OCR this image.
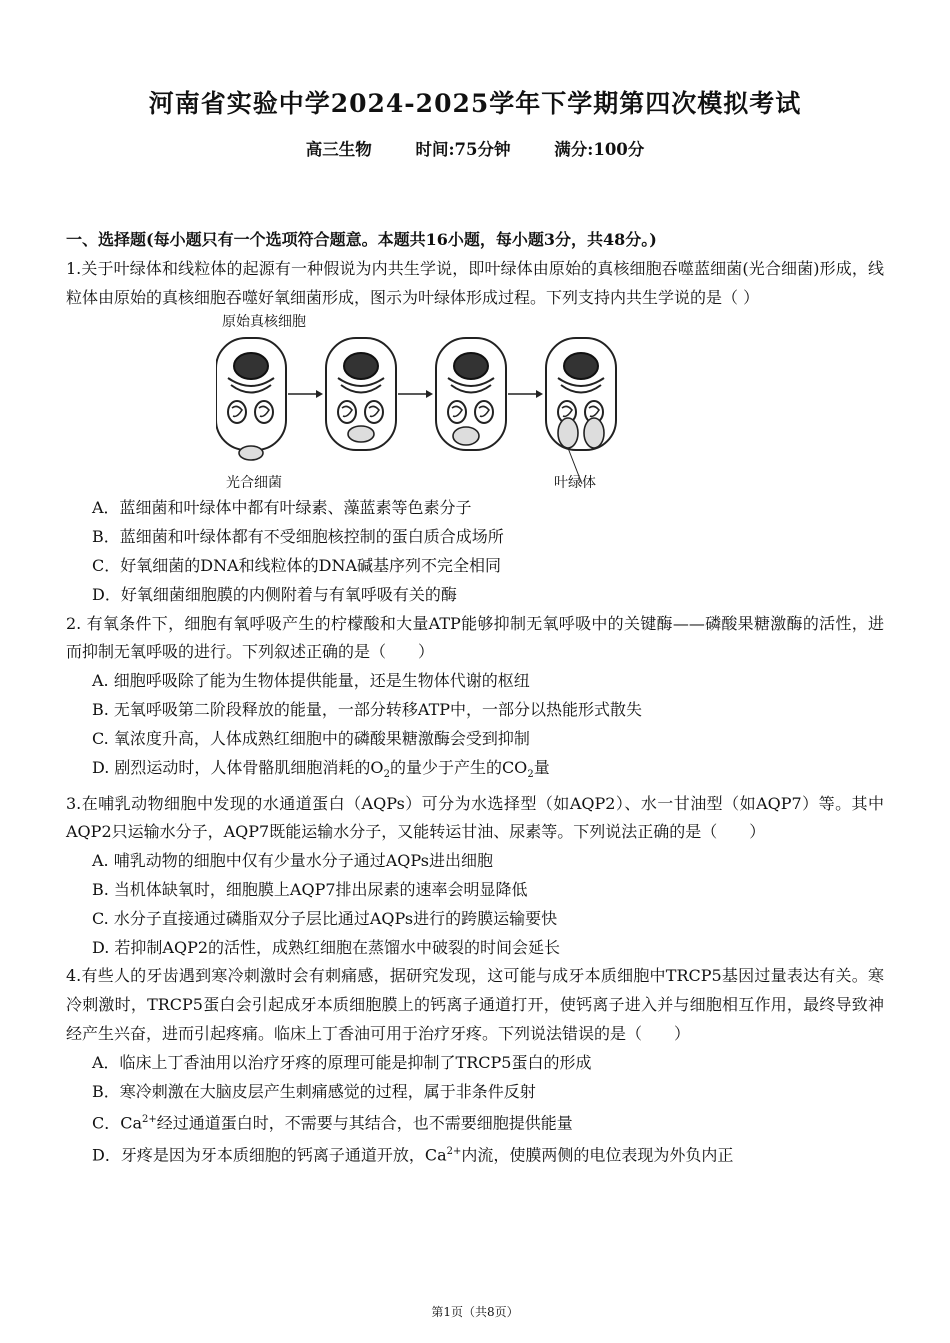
河南省实验中学2024-2025学年下学期第四次模拟考试
高三生物	时间:75分钟	满分:100分
一、选择题(每小题只有一个选项符合题意。本题共16小题，每小题3分，共48分。)

1.关于叶绿体和线粒体的起源有一种假说为内共生学说，即叶绿体由原始的真核细胞吞噬蓝细菌(光合细菌)形成，线粒体由原始的真核细胞吞噬好氧细菌形成，图示为叶绿体形成过程。下列支持内共生学说的是（ ）

原始真核细胞
光合细菌	叶绿体

A．蓝细菌和叶绿体中都有叶绿素、藻蓝素等色素分子

B．蓝细菌和叶绿体都有不受细胞核控制的蛋白质合成场所

C．好氧细菌的DNA和线粒体的DNA碱基序列不完全相同

D．好氧细菌细胞膜的内侧附着与有氧呼吸有关的酶

2. 有氧条件下，细胞有氧呼吸产生的柠檬酸和大量ATP能够抑制无氧呼吸中的关键酶——磷酸果糖激酶的活性，进而抑制无氧呼吸的进行。下列叙述正确的是（　　）

A. 细胞呼吸除了能为生物体提供能量，还是生物体代谢的枢纽

B. 无氧呼吸第二阶段释放的能量，一部分转移ATP中，一部分以热能形式散失

C. 氧浓度升高，人体成熟红细胞中的磷酸果糖激酶会受到抑制

D. 剧烈运动时，人体骨骼肌细胞消耗的$O_2$的量少于产生的$CO_2$量

3.在哺乳动物细胞中发现的水通道蛋白（AQPs）可分为水选择型（如AQP2）、水一甘油型（如AQP7）等。其中AQP2只运输水分子，AQP7既能运输水分子，又能转运甘油、尿素等。下列说法正确的是（　　）

A. 哺乳动物的细胞中仅有少量水分子通过AQPs进出细胞

B. 当机体缺氧时，细胞膜上AQP7排出尿素的速率会明显降低

C. 水分子直接通过磷脂双分子层比通过AQPs进行的跨膜运输要快

D. 若抑制AQP2的活性，成熟红细胞在蒸馏水中破裂的时间会延长

4.有些人的牙齿遇到寒冷刺激时会有刺痛感，据研究发现，这可能与成牙本质细胞中TRCP5基因过量表达有关。寒冷刺激时，TRCP5蛋白会引起成牙本质细胞膜上的钙离子通道打开，使钙离子进入并与细胞相互作用，最终导致神经产生兴奋，进而引起疼痛。临床上丁香油可用于治疗牙疼。下列说法错误的是（　　）

A．临床上丁香油用以治疗牙疼的原理可能是抑制了TRCP5蛋白的形成

B．寒冷刺激在大脑皮层产生刺痛感觉的过程，属于非条件反射

C．$Ca^{2+}$经过通道蛋白时，不需要与其结合，也不需要细胞提供能量

D．牙疼是因为牙本质细胞的钙离子通道开放，$Ca^{2+}$内流，使膜两侧的电位表现为外负内正

第1页（共8页）
